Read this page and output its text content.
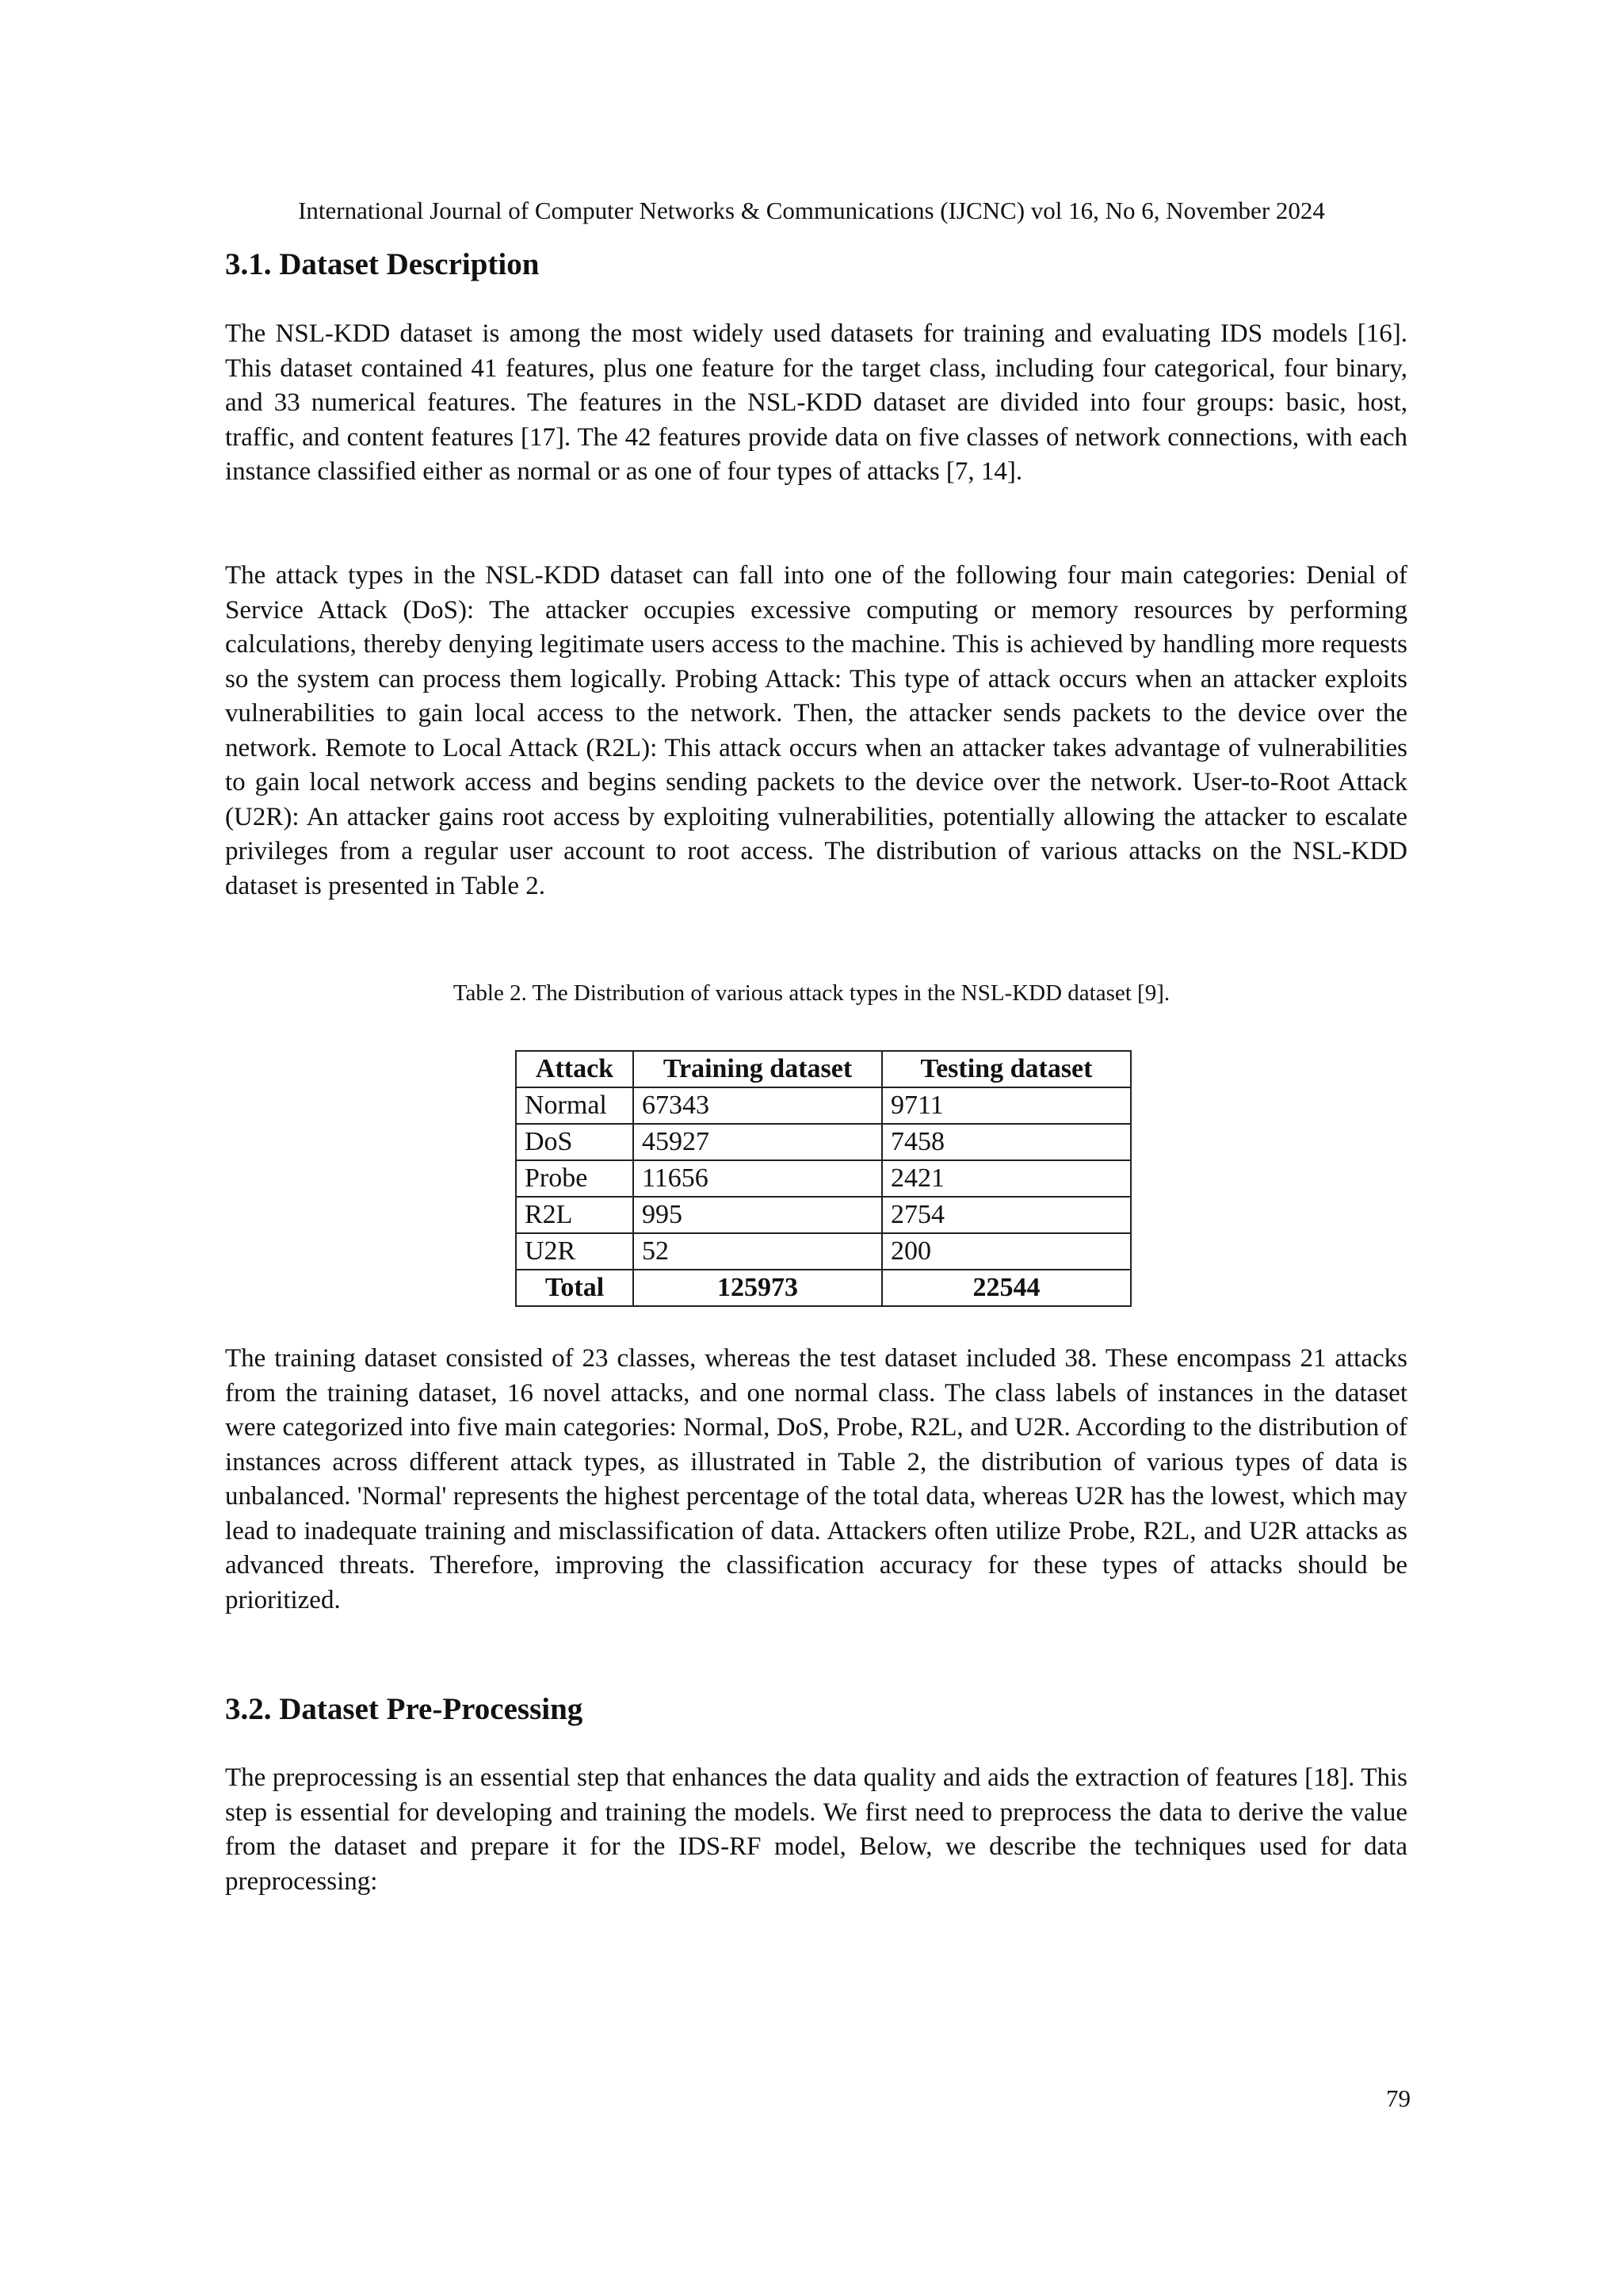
International Journal of Computer Networks & Communications (IJCNC) vol 16, No 6, November 2024
3.1. Dataset Description

The NSL-KDD dataset is among the most widely used datasets for training and evaluating IDS models [16]. This dataset contained 41 features, plus one feature for the target class, including four categorical, four binary, and 33 numerical features. The features in the NSL-KDD dataset are divided into four groups: basic, host, traffic, and content features [17]. The 42 features provide data on five classes of network connections, with each instance classified either as normal or as one of four types of attacks [7, 14].

The attack types in the NSL-KDD dataset can fall into one of the following four main categories: Denial of Service Attack (DoS): The attacker occupies excessive computing or memory resources by performing calculations, thereby denying legitimate users access to the machine. This is achieved by handling more requests so the system can process them logically. Probing Attack: This type of attack occurs when an attacker exploits vulnerabilities to gain local access to the network. Then, the attacker sends packets to the device over the network. Remote to Local Attack (R2L): This attack occurs when an attacker takes advantage of vulnerabilities to gain local network access and begins sending packets to the device over the network. User-to-Root Attack (U2R): An attacker gains root access by exploiting vulnerabilities, potentially allowing the attacker to escalate privileges from a regular user account to root access. The distribution of various attacks on the NSL-KDD dataset is presented in Table 2.

Table 2. The Distribution of various attack types in the NSL-KDD dataset [9].
Attack	Training dataset	Testing dataset
Normal	67343	9711
DoS	45927	7458
Probe	11656	2421
R2L	995	2754
U2R	52	200
Total	125973	22544

The training dataset consisted of 23 classes, whereas the test dataset included 38. These encompass 21 attacks from the training dataset, 16 novel attacks, and one normal class. The class labels of instances in the dataset were categorized into five main categories: Normal, DoS, Probe, R2L, and U2R. According to the distribution of instances across different attack types, as illustrated in Table 2, the distribution of various types of data is unbalanced. 'Normal' represents the highest percentage of the total data, whereas U2R has the lowest, which may lead to inadequate training and misclassification of data. Attackers often utilize Probe, R2L, and U2R attacks as advanced threats. Therefore, improving the classification accuracy for these types of attacks should be prioritized.

3.2. Dataset Pre-Processing

The preprocessing is an essential step that enhances the data quality and aids the extraction of features [18]. This step is essential for developing and training the models. We first need to preprocess the data to derive the value from the dataset and prepare it for the IDS-RF model, Below, we describe the techniques used for data preprocessing:

79
